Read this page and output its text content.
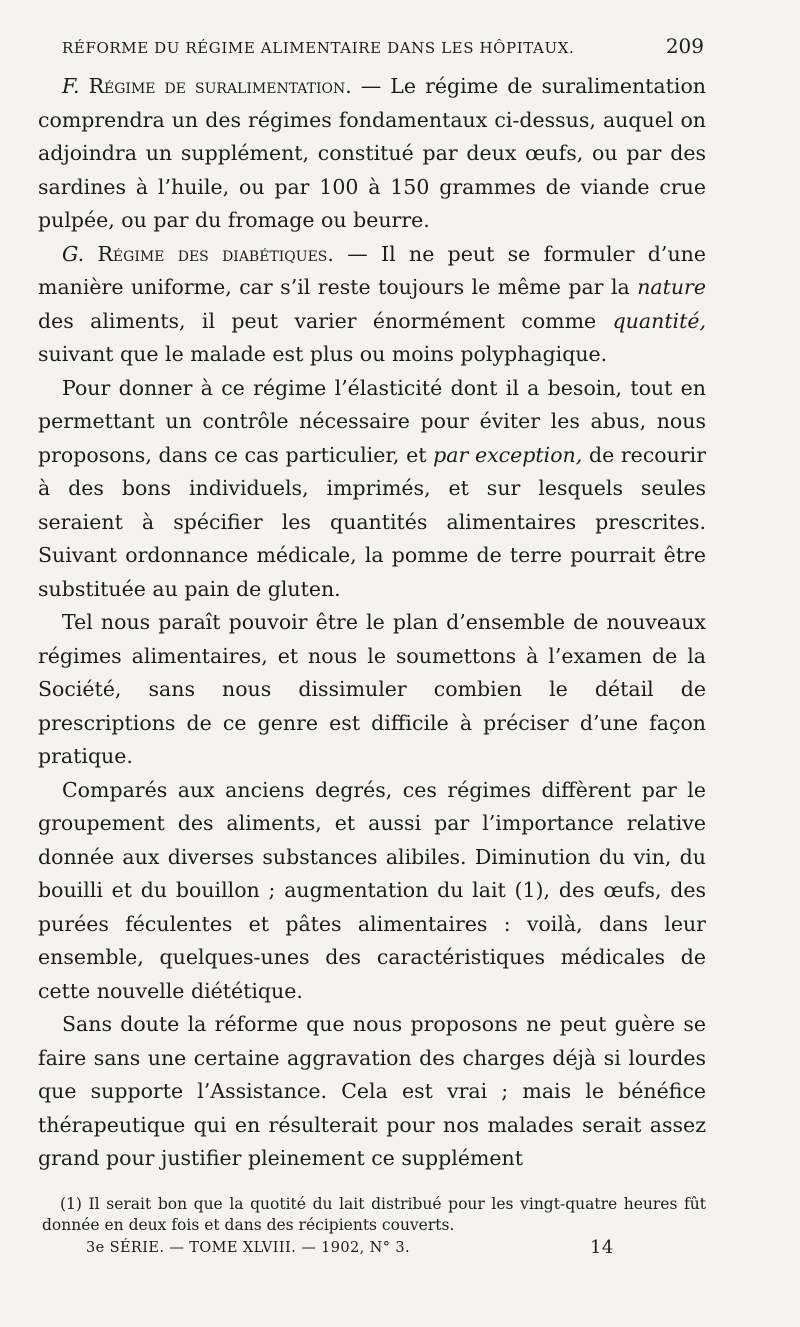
RÉFORME DU RÉGIME ALIMENTAIRE DANS LES HÔPITAUX.	209

F. Régime de suralimentation. — Le régime de suralimentation comprendra un des régimes fondamentaux ci-dessus, auquel on adjoindra un supplément, constitué par deux œufs, ou par des sardines à l’huile, ou par 100 à 150 grammes de viande crue pulpée, ou par du fromage ou beurre.

G. Régime des diabétiques. — Il ne peut se formuler d’une manière uniforme, car s’il reste toujours le même par la nature des aliments, il peut varier énormément comme quantité, suivant que le malade est plus ou moins polyphagique.

Pour donner à ce régime l’élasticité dont il a besoin, tout en permettant un contrôle nécessaire pour éviter les abus, nous proposons, dans ce cas particulier, et par exception, de recourir à des bons individuels, imprimés, et sur lesquels seules seraient à spécifier les quantités alimentaires prescrites. Suivant ordonnance médicale, la pomme de terre pourrait être substituée au pain de gluten.

Tel nous paraît pouvoir être le plan d’ensemble de nouveaux régimes alimentaires, et nous le soumettons à l’examen de la Société, sans nous dissimuler combien le détail de prescriptions de ce genre est difficile à préciser d’une façon pratique.

Comparés aux anciens degrés, ces régimes diffèrent par le groupement des aliments, et aussi par l’importance relative donnée aux diverses substances alibiles. Diminution du vin, du bouilli et du bouillon ; augmentation du lait (1), des œufs, des purées féculentes et pâtes alimentaires : voilà, dans leur ensemble, quelques-unes des caractéristiques médicales de cette nouvelle diététique.

Sans doute la réforme que nous proposons ne peut guère se faire sans une certaine aggravation des charges déjà si lourdes que supporte l’Assistance. Cela est vrai ; mais le bénéfice thérapeutique qui en résulterait pour nos malades serait assez grand pour justifier pleinement ce supplément

(1) Il serait bon que la quotité du lait distribué pour les vingt-quatre heures fût donnée en deux fois et dans des récipients couverts.

3e SÉRIE. — TOME XLVIII. — 1902, N° 3.	14
